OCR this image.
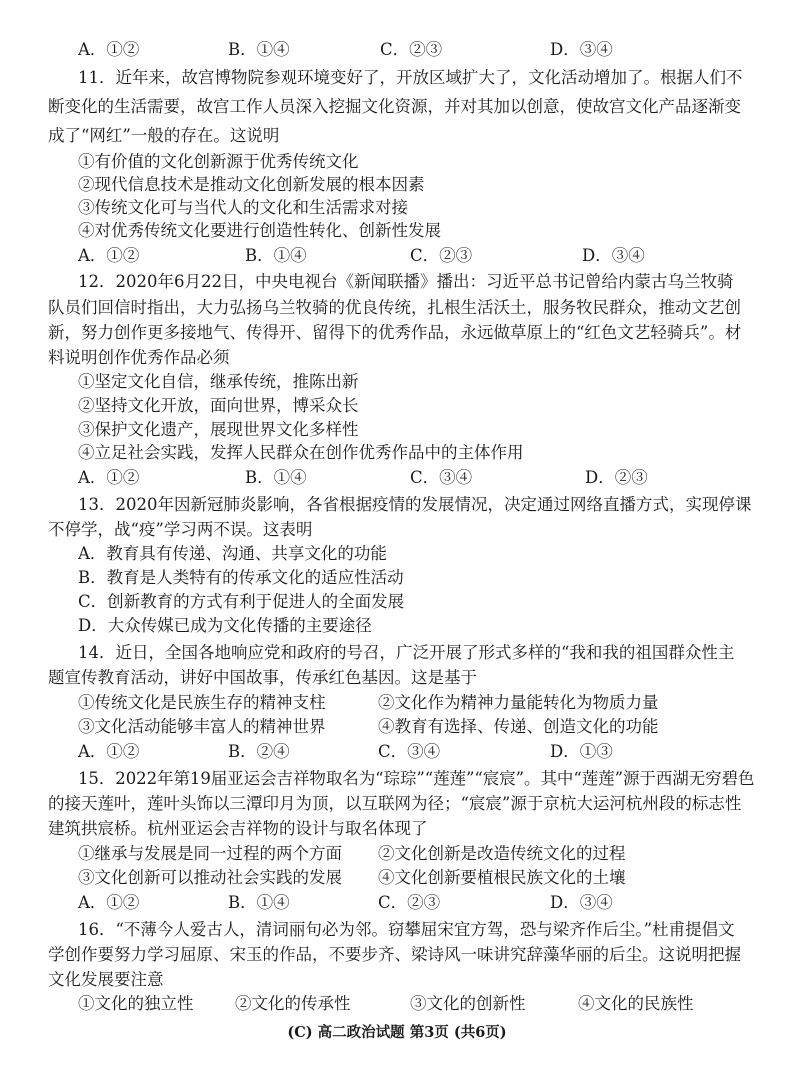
A．①②	B．①④	C．②③	D．③④
11．近年来，故宫博物院参观环境变好了，开放区域扩大了，文化活动增加了。根据人们不
断变化的生活需要，故宫工作人员深入挖掘文化资源，并对其加以创意，使故宫文化产品逐渐变
成了“网红”一般的存在。这说明
①有价值的文化创新源于优秀传统文化
②现代信息技术是推动文化创新发展的根本因素
③传统文化可与当代人的文化和生活需求对接
④对优秀传统文化要进行创造性转化、创新性发展
A．①②	B．①④	C．②③	D．③④
12．2020年6月22日，中央电视台《新闻联播》播出：习近平总书记曾给内蒙古乌兰牧骑
队员们回信时指出，大力弘扬乌兰牧骑的优良传统，扎根生活沃土，服务牧民群众，推动文艺创
新，努力创作更多接地气、传得开、留得下的优秀作品，永远做草原上的“红色文艺轻骑兵”。材
料说明创作优秀作品必须
①坚定文化自信，继承传统，推陈出新
②坚持文化开放，面向世界，博采众长
③保护文化遗产，展现世界文化多样性
④立足社会实践，发挥人民群众在创作优秀作品中的主体作用
A．①②	B．①④	C．③④	D．②③
13．2020年因新冠肺炎影响，各省根据疫情的发展情况，决定通过网络直播方式，实现停课
不停学，战“疫”学习两不误。这表明
A．教育具有传递、沟通、共享文化的功能
B．教育是人类特有的传承文化的适应性活动
C．创新教育的方式有利于促进人的全面发展
D．大众传媒已成为文化传播的主要途径
14．近日，全国各地响应党和政府的号召，广泛开展了形式多样的“我和我的祖国群众性主
题宣传教育活动，讲好中国故事，传承红色基因。这是基于
①传统文化是民族生存的精神支柱	②文化作为精神力量能转化为物质力量
③文化活动能够丰富人的精神世界	④教育有选择、传递、创造文化的功能
A．①②	B．②④	C．③④	D．①③
15．2022年第19届亚运会吉祥物取名为“琮琮”“莲莲”“宸宸”。其中“莲莲”源于西湖无穷碧色
的接天莲叶，莲叶头饰以三潭印月为顶，以互联网为径；“宸宸”源于京杭大运河杭州段的标志性
建筑拱宸桥。杭州亚运会吉祥物的设计与取名体现了
①继承与发展是同一过程的两个方面 ②文化创新是改造传统文化的过程
③文化创新可以推动社会实践的发展 ④文化创新要植根民族文化的土壤
A．①②	B．①④	C．②③	D．③④
16．“不薄今人爱古人，清词丽句必为邻。窃攀屈宋宜方驾，恐与梁齐作后尘。”杜甫提倡文
学创作要努力学习屈原、宋玉的作品，不要步齐、梁诗风一味讲究辞藻华丽的后尘。这说明把握
文化发展要注意
①文化的独立性	②文化的传承性	③文化的创新性	④文化的民族性
(C) 高二政治试题 第3页 (共6页)
